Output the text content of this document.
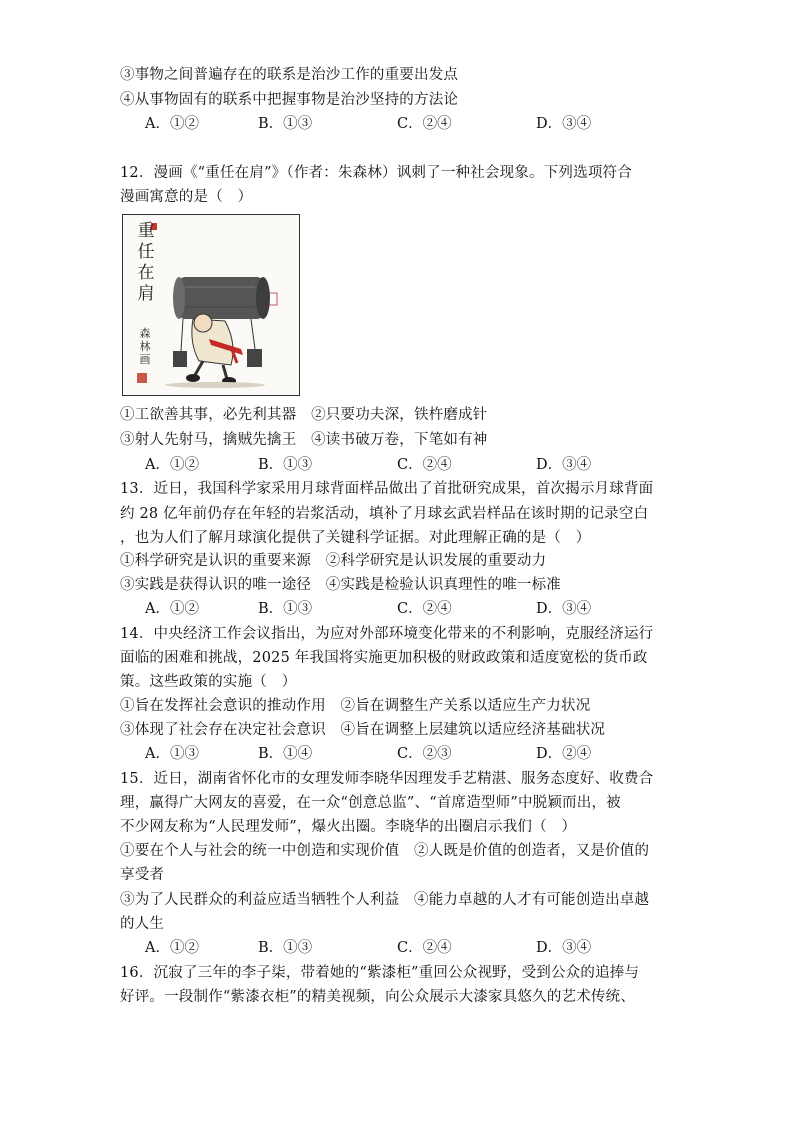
③事物之间普遍存在的联系是治沙工作的重要出发点
④从事物固有的联系中把握事物是治沙坚持的方法论
A．①②	B．①③	C．②④	D．③④
12．漫画《“重任在肩”》（作者：朱森林）讽刺了一种社会现象。下列选项符合
漫画寓意的是（　）
重
任
在
肩
森
林
画
①工欲善其事，必先利其器　②只要功夫深，铁杵磨成针
③射人先射马，擒贼先擒王　④读书破万卷，下笔如有神
A．①②	B．①③	C．②④	D．③④
13．近日，我国科学家采用月球背面样品做出了首批研究成果，首次揭示月球背面
约 28 亿年前仍存在年轻的岩浆活动，填补了月球玄武岩样品在该时期的记录空白
，也为人们了解月球演化提供了关键科学证据。对此理解正确的是（　）
①科学研究是认识的重要来源　②科学研究是认识发展的重要动力
③实践是获得认识的唯一途径　④实践是检验认识真理性的唯一标准
A．①②	B．①③	C．②④	D．③④
14．中央经济工作会议指出，为应对外部环境变化带来的不利影响，克服经济运行
面临的困难和挑战，2025 年我国将实施更加积极的财政政策和适度宽松的货币政
策。这些政策的实施（　）
①旨在发挥社会意识的推动作用　②旨在调整生产关系以适应生产力状况
③体现了社会存在决定社会意识　④旨在调整上层建筑以适应经济基础状况
A．①③	B．①④	C．②③	D．②④
15．近日，湖南省怀化市的女理发师李晓华因理发手艺精湛、服务态度好、收费合
理，赢得广大网友的喜爱，在一众“创意总监”、“首席造型师”中脱颖而出，被
不少网友称为“人民理发师”，爆火出圈。李晓华的出圈启示我们（　）
①要在个人与社会的统一中创造和实现价值　②人既是价值的创造者，又是价值的
享受者
③为了人民群众的利益应适当牺牲个人利益　④能力卓越的人才有可能创造出卓越
的人生
A．①②	B．①③	C．②④	D．③④
16．沉寂了三年的李子柒，带着她的“紫漆柜”重回公众视野，受到公众的追捧与
好评。一段制作“紫漆衣柜”的精美视频，向公众展示大漆家具悠久的艺术传统、
